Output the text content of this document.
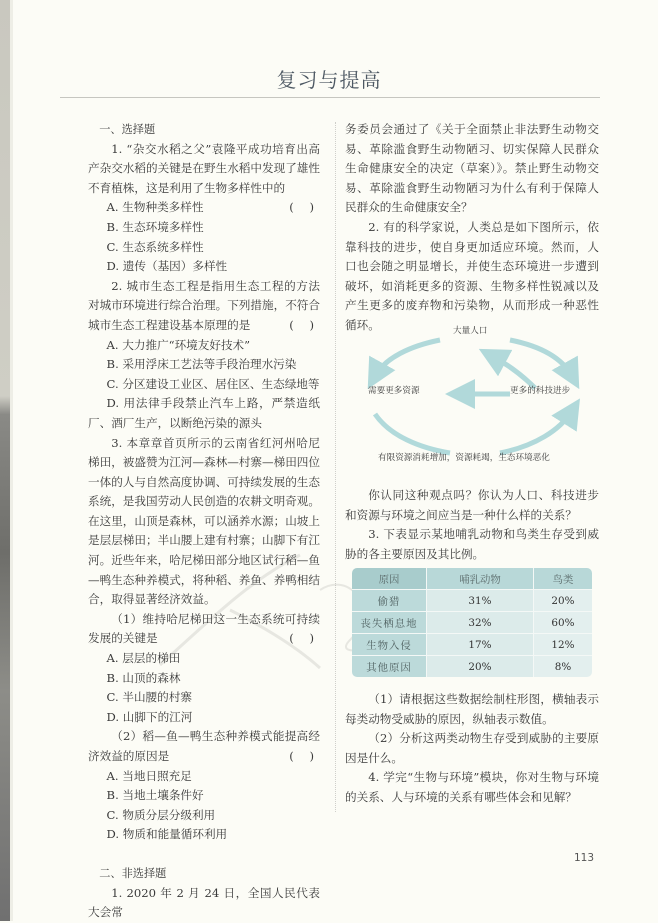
复习与提高

一、选择题

1. “杂交水稻之父”袁隆平成功培育出高产杂交水稻的关键是在野生水稻中发现了雄性不育植株，这是利用了生物多样性中的
( )

A. 生物种类多样性

B. 生态环境多样性

C. 生态系统多样性

D. 遗传（基因）多样性

2. 城市生态工程是指用生态工程的方法对城市环境进行综合治理。下列措施，不符合城市生态工程建设基本原理的是	( )

A. 大力推广“环境友好技术”

B. 采用浮床工艺法等手段治理水污染

C. 分区建设工业区、居住区、生态绿地等

D. 用法律手段禁止汽车上路，严禁造纸厂、酒厂生产，以断绝污染的源头

3. 本章章首页所示的云南省红河州哈尼梯田，被盛赞为江河—森林—村寨—梯田四位一体的人与自然高度协调、可持续发展的生态系统，是我国劳动人民创造的农耕文明奇观。在这里，山顶是森林，可以涵养水源；山坡上是层层梯田；半山腰上建有村寨；山脚下有江河。近些年来，哈尼梯田部分地区试行稻—鱼—鸭生态种养模式，将种稻、养鱼、养鸭相结合，取得显著经济效益。

（1）维持哈尼梯田这一生态系统可持续发展的关键是	( )

A. 层层的梯田

B. 山顶的森林

C. 半山腰的村寨

D. 山脚下的江河

（2）稻—鱼—鸭生态种养模式能提高经济效益的原因是	( )

A. 当地日照充足

B. 当地土壤条件好

C. 物质分层分级利用

D. 物质和能量循环利用

二、非选择题

1. 2020 年 2 月 24 日，全国人民代表大会常

务委员会通过了《关于全面禁止非法野生动物交易、革除滥食野生动物陋习、切实保障人民群众生命健康安全的决定（草案）》。禁止野生动物交易、革除滥食野生动物陋习为什么有利于保障人民群众的生命健康安全？

2. 有的科学家说，人类总是如下图所示，依靠科技的进步，使自身更加适应环境。然而，人口也会随之明显增长，并使生态环境进一步遭到破坏，如消耗更多的资源、生物多样性锐减以及产生更多的废弃物和污染物，从而形成一种恶性循环。	大量人口
需要更多资源	更多的科技进步
有限资源消耗增加，资源耗竭，生态环境恶化

你认同这种观点吗？你认为人口、科技进步和资源与环境之间应当是一种什么样的关系？

3. 下表显示某地哺乳动物和鸟类生存受到威胁的各主要原因及其比例。

原因	哺乳动物	鸟类
偷猎	31%	20%
丧失栖息地	32%	60%
生物入侵	17%	12%
其他原因	20%	8%

（1）请根据这些数据绘制柱形图，横轴表示每类动物受威胁的原因，纵轴表示数值。

（2）分析这两类动物生存受到威胁的主要原因是什么。

4. 学完“生物与环境”模块，你对生物与环境的关系、人与环境的关系有哪些体会和见解？

113
